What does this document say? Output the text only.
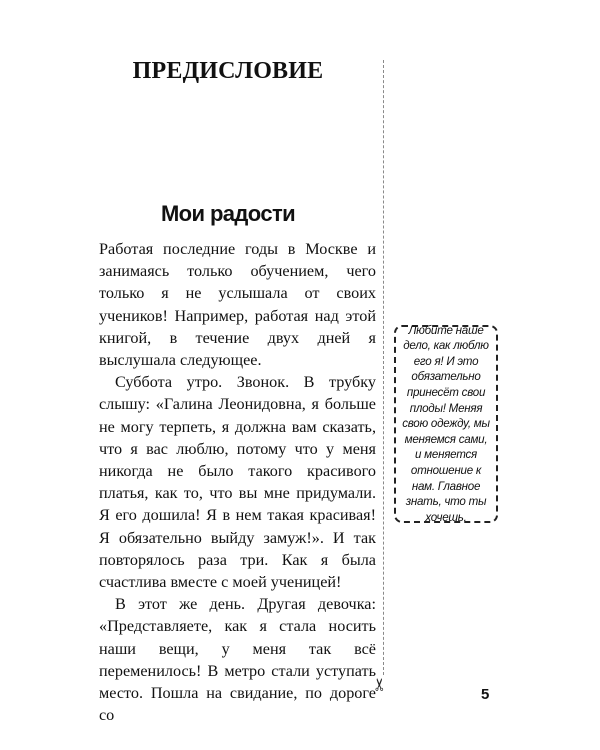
ПРЕДИСЛОВИЕ
Мои радости

Работая последние годы в Москве и занимаясь только обучением, чего только я не услышала от своих учеников! Например, работая над этой книгой, в течение двух дней я выслушала следующее.

Суббота утро. Звонок. В трубку слышу: «Галина Леонидовна, я больше не могу терпеть, я должна вам сказать, что я вас люблю, потому что у меня никогда не было такого красивого платья, как то, что вы мне придумали. Я его дошила! Я в нем такая красивая! Я обязательно выйду замуж!». И так повторялось раза три. Как я была счастлива вместе с моей ученицей!

В этот же день. Другая девочка: «Представляете, как я стала носить наши вещи, у меня так всё переменилось! В метро стали уступать место. Пошла на свидание, по дороге со

✂
Любите наше дело, как люблю его я! И это обязательно принесёт свои плоды! Меняя свою одежду, мы меняемся сами, и меняется отношение к нам. Главное знать, что ты хочешь.
5
